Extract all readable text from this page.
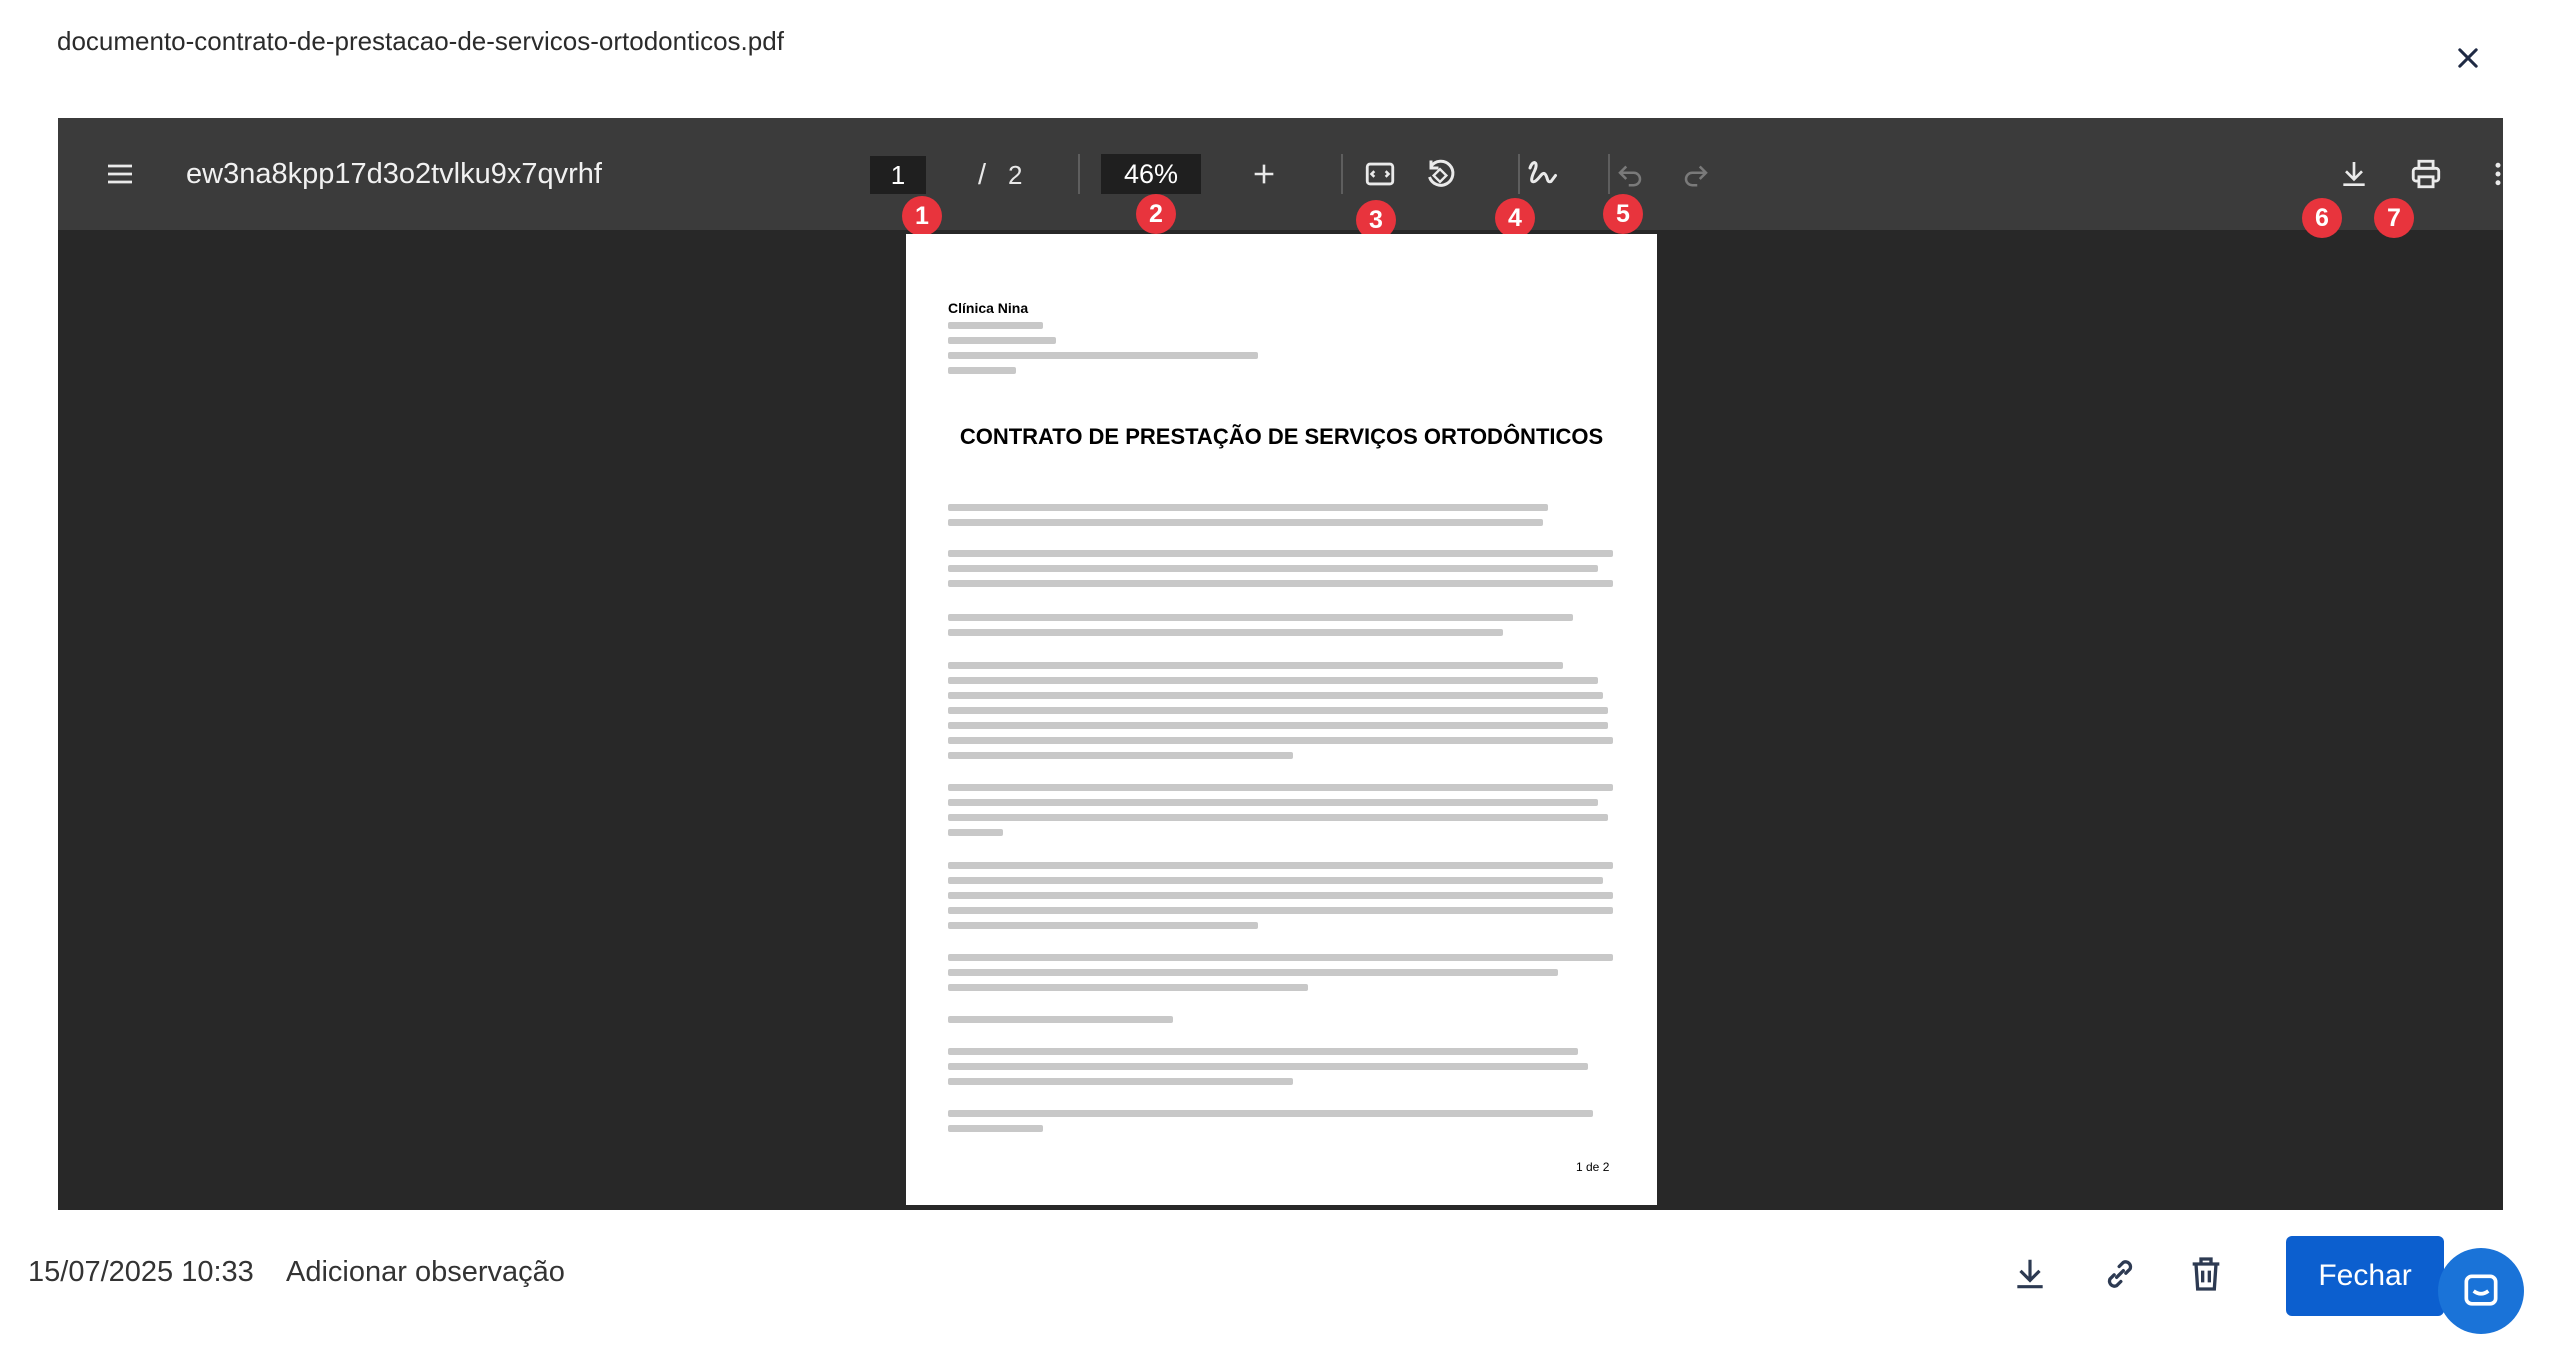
documento-contrato-de-prestacao-de-servicos-ortodonticos.pdf
ew3na8kpp17d3o2tvlku9x7qvrhf	1	/ 2	46%
1	2	3	4	5	6	7
Clínica Nina
CONTRATO DE PRESTAÇÃO DE SERVIÇOS ORTODÔNTICOS
1 de 2
15/07/2025 10:33 Adicionar observação	Fechar
